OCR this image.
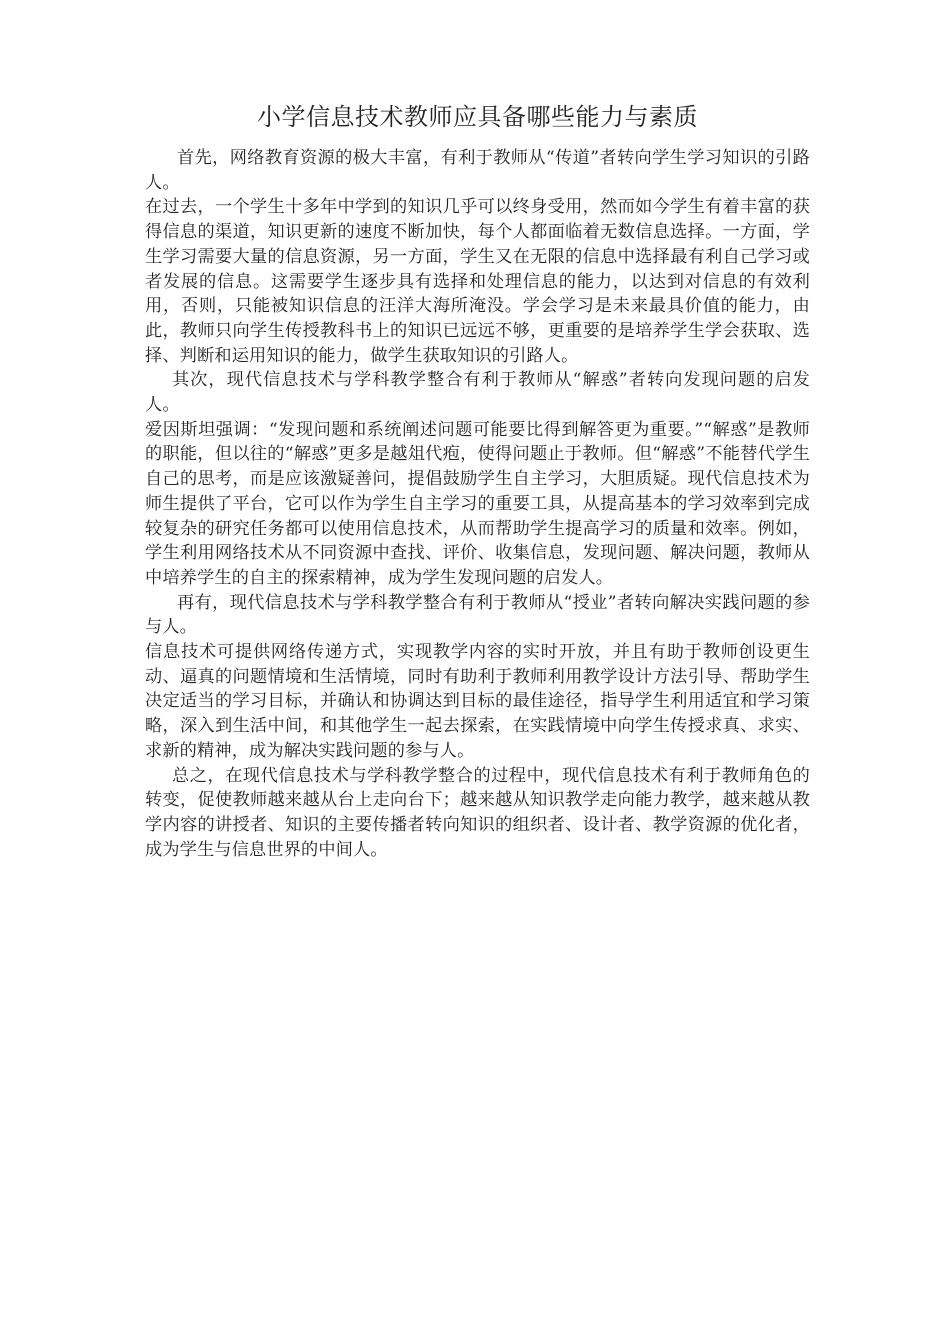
小学信息技术教师应具备哪些能力与素质

首先，网络教育资源的极大丰富，有利于教师从“传道”者转向学生学习知识的引路人。

在过去，一个学生十多年中学到的知识几乎可以终身受用，然而如今学生有着丰富的获得信息的渠道，知识更新的速度不断加快，每个人都面临着无数信息选择。一方面，学生学习需要大量的信息资源，另一方面，学生又在无限的信息中选择最有利自己学习或者发展的信息。这需要学生逐步具有选择和处理信息的能力，以达到对信息的有效利用，否则，只能被知识信息的汪洋大海所淹没。学会学习是未来最具价值的能力，由此，教师只向学生传授教科书上的知识已远远不够，更重要的是培养学生学会获取、选择、判断和运用知识的能力，做学生获取知识的引路人。

其次，现代信息技术与学科教学整合有利于教师从“解惑”者转向发现问题的启发人。

爱因斯坦强调：“发现问题和系统阐述问题可能要比得到解答更为重要。”“解惑”是教师的职能，但以往的“解惑”更多是越俎代疱，使得问题止于教师。但“解惑”不能替代学生自己的思考，而是应该激疑善问，提倡鼓励学生自主学习，大胆质疑。现代信息技术为师生提供了平台，它可以作为学生自主学习的重要工具，从提高基本的学习效率到完成较复杂的研究任务都可以使用信息技术，从而帮助学生提高学习的质量和效率。例如，学生利用网络技术从不同资源中查找、评价、收集信息，发现问题、解决问题，教师从中培养学生的自主的探索精神，成为学生发现问题的启发人。

再有，现代信息技术与学科教学整合有利于教师从“授业”者转向解决实践问题的参与人。

信息技术可提供网络传递方式，实现教学内容的实时开放，并且有助于教师创设更生动、逼真的问题情境和生活情境，同时有助利于教师利用教学设计方法引导、帮助学生决定适当的学习目标，并确认和协调达到目标的最佳途径，指导学生利用适宜和学习策略，深入到生活中间，和其他学生一起去探索，在实践情境中向学生传授求真、求实、求新的精神，成为解决实践问题的参与人。

总之，在现代信息技术与学科教学整合的过程中，现代信息技术有利于教师角色的转变，促使教师越来越从台上走向台下；越来越从知识教学走向能力教学，越来越从教学内容的讲授者、知识的主要传播者转向知识的组织者、设计者、教学资源的优化者，成为学生与信息世界的中间人。
